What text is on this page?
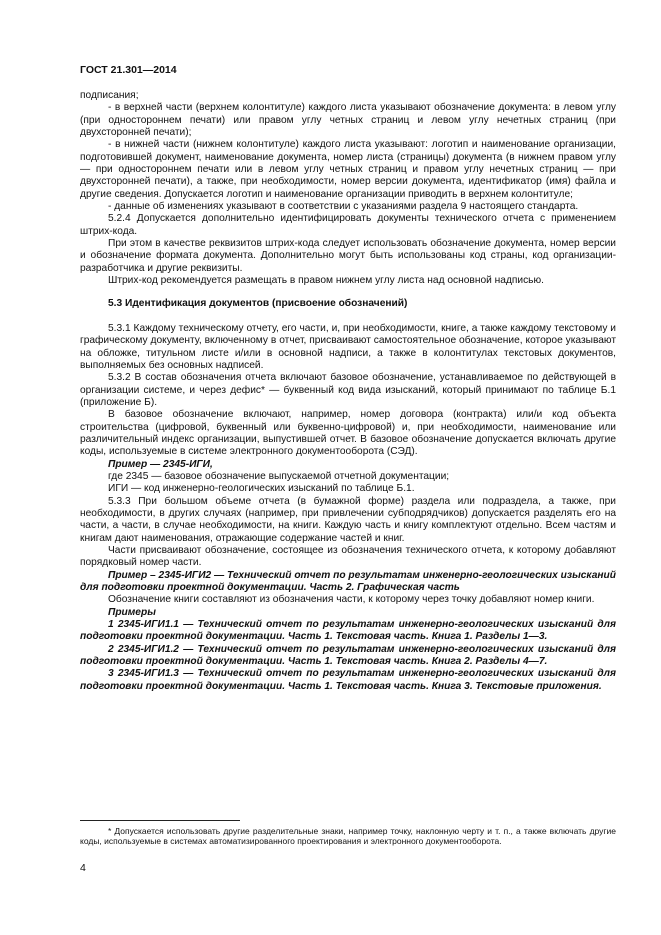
ГОСТ 21.301—2014

подписания;

- в верхней части (верхнем колонтитуле) каждого листа указывают обозначение документа: в левом углу (при одностороннем печати) или правом углу четных страниц и левом углу нечетных страниц (при двухсторонней печати);

- в нижней части (нижнем колонтитуле) каждого листа указывают: логотип и наименование организации, подготовившей документ, наименование документа, номер листа (страницы) документа (в нижнем правом углу — при одностороннем печати или в левом углу четных страниц и правом углу нечетных страниц — при двухсторонней печати), а также, при необходимости, номер версии документа, идентификатор (имя) файла и другие сведения. Допускается логотип и наименование организации приводить в верхнем колонтитуле;

- данные об изменениях указывают в соответствии с указаниями раздела 9 настоящего стандарта.

5.2.4 Допускается дополнительно идентифицировать документы технического отчета с применением штрих-кода.

При этом в качестве реквизитов штрих-кода следует использовать обозначение документа, номер версии и обозначение формата документа. Дополнительно могут быть использованы код страны, код организации-разработчика и другие реквизиты.

Штрих-код рекомендуется размещать в правом нижнем углу листа над основной надписью.

5.3 Идентификация документов (присвоение обозначений)

5.3.1 Каждому техническому отчету, его части, и, при необходимости, книге, а также каждому текстовому и графическому документу, включенному в отчет, присваивают самостоятельное обозначение, которое указывают на обложке, титульном листе и/или в основной надписи, а также в колонтитулах текстовых документов, выполняемых без основных надписей.

5.3.2 В состав обозначения отчета включают базовое обозначение, устанавливаемое по действующей в организации системе, и через дефис* — буквенный код вида изысканий, который принимают по таблице Б.1 (приложение Б).

В базовое обозначение включают, например, номер договора (контракта) или/и код объекта строительства (цифровой, буквенный или буквенно-цифровой) и, при необходимости, наименование или различительный индекс организации, выпустившей отчет. В базовое обозначение допускается включать другие коды, используемые в системе электронного документооборота (СЭД).

Пример — 2345-ИГИ,

где 2345 — базовое обозначение выпускаемой отчетной документации;

ИГИ — код инженерно-геологических изысканий по таблице Б.1.

5.3.3 При большом объеме отчета (в бумажной форме) раздела или подраздела, а также, при необходимости, в других случаях (например, при привлечении субподрядчиков) допускается разделять его на части, а части, в случае необходимости, на книги. Каждую часть и книгу комплектуют отдельно. Всем частям и книгам дают наименования, отражающие содержание частей и книг.

Части присваивают обозначение, состоящее из обозначения технического отчета, к которому добавляют порядковый номер части.

Пример – 2345-ИГИ2 — Технический отчет по результатам инженерно-геологических изысканий для подготовки проектной документации. Часть 2. Графическая часть

Обозначение книги составляют из обозначения части, к которому через точку добавляют номер книги.

Примеры

1 2345-ИГИ1.1 — Технический отчет по результатам инженерно-геологических изысканий для подготовки проектной документации. Часть 1. Текстовая часть. Книга 1. Разделы 1—3.

2 2345-ИГИ1.2 — Технический отчет по результатам инженерно-геологических изысканий для подготовки проектной документации. Часть 1. Текстовая часть. Книга 2. Разделы 4—7.

3 2345-ИГИ1.3 — Технический отчет по результатам инженерно-геологических изысканий для подготовки проектной документации. Часть 1. Текстовая часть. Книга 3. Текстовые приложения.

* Допускается использовать другие разделительные знаки, например точку, наклонную черту и т. п., а также включать другие коды, используемые в системах автоматизированного проектирования и электронного документооборота.

4
